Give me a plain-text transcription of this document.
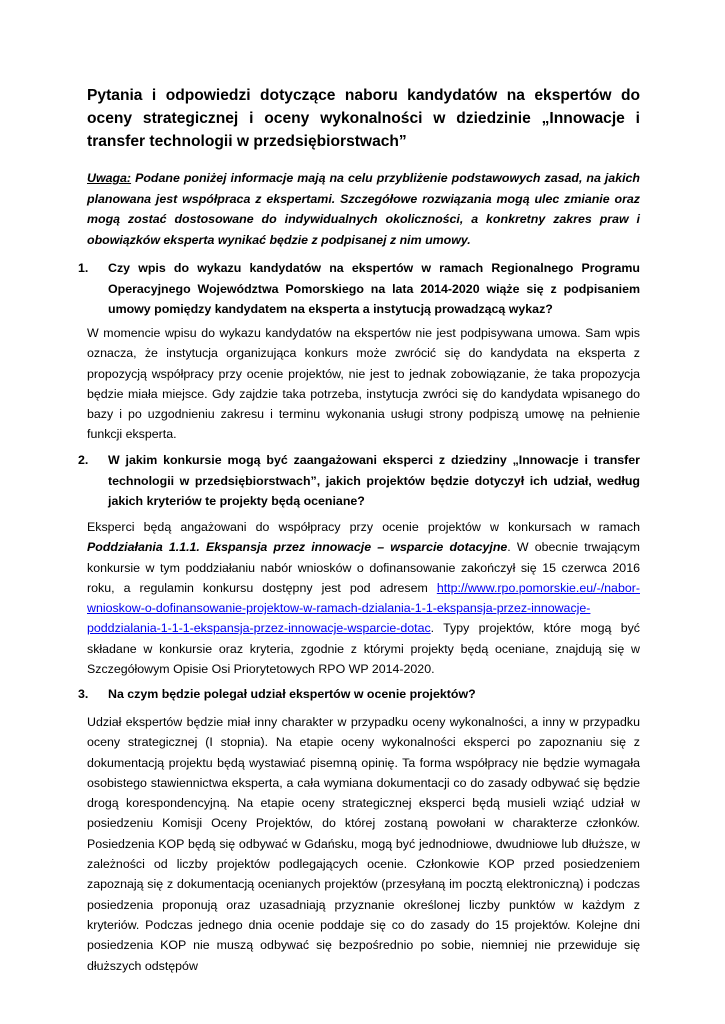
Pytania i odpowiedzi dotyczące naboru kandydatów na ekspertów do oceny strategicznej i oceny wykonalności w dziedzinie „Innowacje i transfer technologii w przedsiębiorstwach”

Uwaga: Podane poniżej informacje mają na celu przybliżenie podstawowych zasad, na jakich planowana jest współpraca z ekspertami. Szczegółowe rozwiązania mogą ulec zmianie oraz mogą zostać dostosowane do indywidualnych okoliczności, a konkretny zakres praw i obowiązków eksperta wynikać będzie z podpisanej z nim umowy.

1. Czy wpis do wykazu kandydatów na ekspertów w ramach Regionalnego Programu Operacyjnego Województwa Pomorskiego na lata 2014-2020 wiąże się z podpisaniem umowy pomiędzy kandydatem na eksperta a instytucją prowadzącą wykaz?

W momencie wpisu do wykazu kandydatów na ekspertów nie jest podpisywana umowa. Sam wpis oznacza, że instytucja organizująca konkurs może zwrócić się do kandydata na eksperta z propozycją współpracy przy ocenie projektów, nie jest to jednak zobowiązanie, że taka propozycja będzie miała miejsce. Gdy zajdzie taka potrzeba, instytucja zwróci się do kandydata wpisanego do bazy i po uzgodnieniu zakresu i terminu wykonania usługi strony podpiszą umowę na pełnienie funkcji eksperta.

2. W jakim konkursie mogą być zaangażowani eksperci z dziedziny „Innowacje i transfer technologii w przedsiębiorstwach”, jakich projektów będzie dotyczył ich udział, według jakich kryteriów te projekty będą oceniane?

Eksperci będą angażowani do współpracy przy ocenie projektów w konkursach w ramach Poddziałania 1.1.1. Ekspansja przez innowacje – wsparcie dotacyjne. W obecnie trwającym konkursie w tym poddziałaniu nabór wniosków o dofinansowanie zakończył się 15 czerwca 2016 roku, a regulamin konkursu dostępny jest pod adresem http://www.rpo.pomorskie.eu/-/nabor-wnioskow-o-dofinansowanie-projektow-w-ramach-dzialania-1-1-ekspansja-przez-innowacje-poddzialania-1-1-1-ekspansja-przez-innowacje-wsparcie-dotac. Typy projektów, które mogą być składane w konkursie oraz kryteria, zgodnie z którymi projekty będą oceniane, znajdują się w Szczegółowym Opisie Osi Priorytetowych RPO WP 2014-2020.

3. Na czym będzie polegał udział ekspertów w ocenie projektów?

Udział ekspertów będzie miał inny charakter w przypadku oceny wykonalności, a inny w przypadku oceny strategicznej (I stopnia). Na etapie oceny wykonalności eksperci po zapoznaniu się z dokumentacją projektu będą wystawiać pisemną opinię. Ta forma współpracy nie będzie wymagała osobistego stawiennictwa eksperta, a cała wymiana dokumentacji co do zasady odbywać się będzie drogą korespondencyjną. Na etapie oceny strategicznej eksperci będą musieli wziąć udział w posiedzeniu Komisji Oceny Projektów, do której zostaną powołani w charakterze członków. Posiedzenia KOP będą się odbywać w Gdańsku, mogą być jednodniowe, dwudniowe lub dłuższe, w zależności od liczby projektów podlegających ocenie. Członkowie KOP przed posiedzeniem zapoznają się z dokumentacją ocenianych projektów (przesyłaną im pocztą elektroniczną) i podczas posiedzenia proponują oraz uzasadniają przyznanie określonej liczby punktów w każdym z kryteriów. Podczas jednego dnia ocenie poddaje się co do zasady do 15 projektów. Kolejne dni posiedzenia KOP nie muszą odbywać się bezpośrednio po sobie, niemniej nie przewiduje się dłuższych odstępów
